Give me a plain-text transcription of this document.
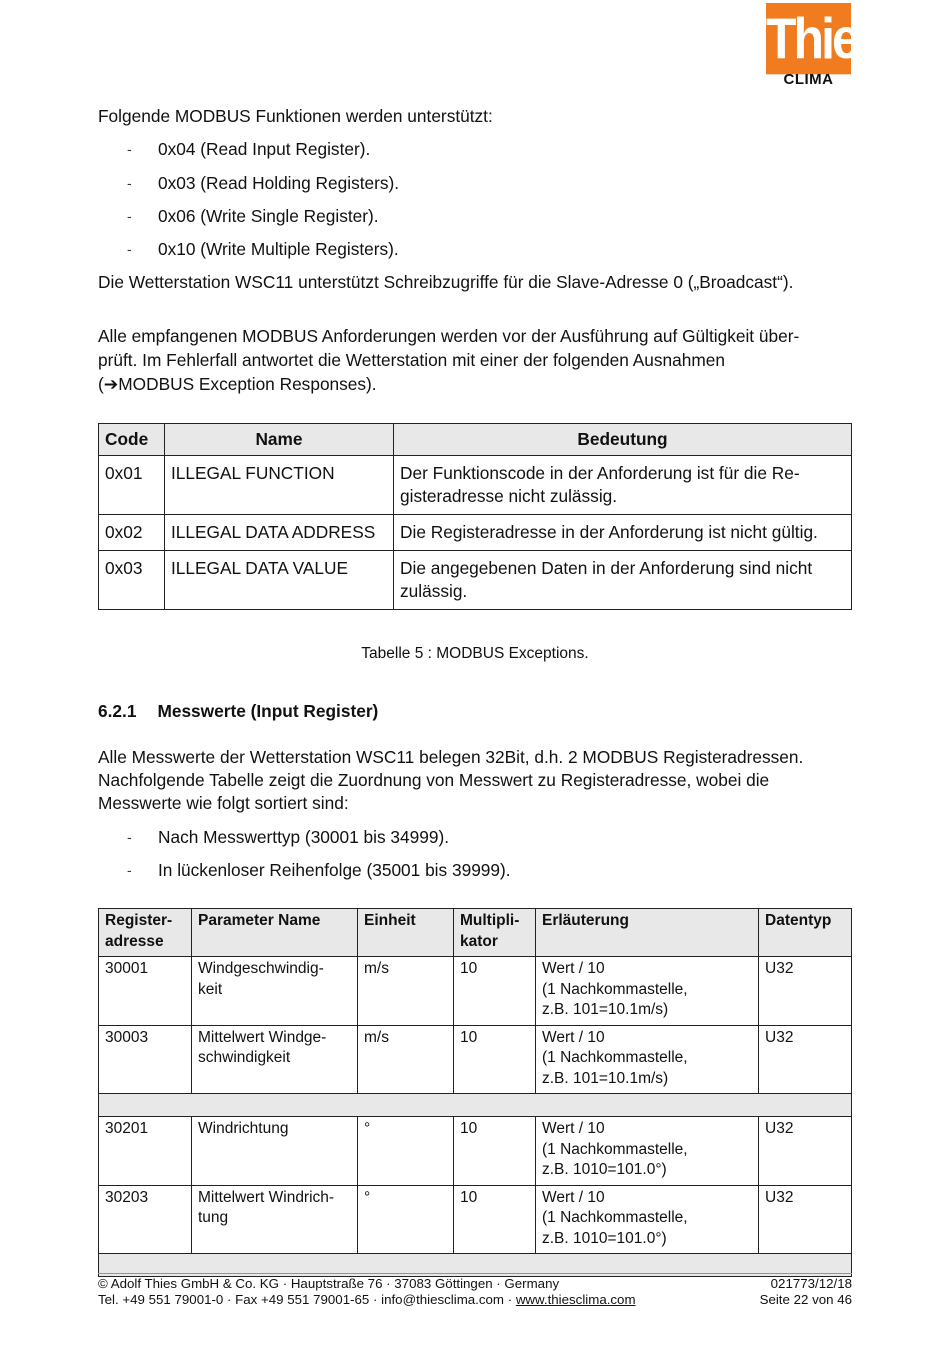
Thies
CLIMA
Folgende MODBUS Funktionen werden unterstützt:
- 0x04 (Read Input Register).
- 0x03 (Read Holding Registers).
- 0x06 (Write Single Register).
- 0x10 (Write Multiple Registers).
Die Wetterstation WSC11 unterstützt Schreibzugriffe für die Slave-Adresse 0 („Broadcast“).
Alle empfangenen MODBUS Anforderungen werden vor der Ausführung auf Gültigkeit über-
prüft. Im Fehlerfall antwortet die Wetterstation mit einer der folgenden Ausnahmen
(➔MODBUS Exception Responses).
Code	Name	Bedeutung
0x01	ILLEGAL FUNCTION	Der Funktionscode in der Anforderung ist für die Re-gisteradresse nicht zulässig.
0x02	ILLEGAL DATA ADDRESS	Die Registeradresse in der Anforderung ist nicht gültig.
0x03	ILLEGAL DATA VALUE	Die angegebenen Daten in der Anforderung sind nicht zulässig.
Tabelle 5 : MODBUS Exceptions.
6.2.1 Messwerte (Input Register)
Alle Messwerte der Wetterstation WSC11 belegen 32Bit, d.h. 2 MODBUS Registeradressen.
Nachfolgende Tabelle zeigt die Zuordnung von Messwert zu Registeradresse, wobei die
Messwerte wie folgt sortiert sind:
- Nach Messwerttyp (30001 bis 34999).
- In lückenloser Reihenfolge (35001 bis 39999).
Register-
adresse	Parameter Name	Einheit	Multipli-
kator	Erläuterung	Datentyp
30001	Windgeschwindig-
keit	m/s	10	Wert / 10
(1 Nachkommastelle,
z.B. 101=10.1m/s)	U32
30003	Mittelwert Windge-
schwindigkeit	m/s	10	Wert / 10
(1 Nachkommastelle,
z.B. 101=10.1m/s)	U32

30201	Windrichtung	°	10	Wert / 10
(1 Nachkommastelle,
z.B. 1010=101.0°)	U32
30203	Mittelwert Windrich-
tung	°	10	Wert / 10
(1 Nachkommastelle,
z.B. 1010=101.0°)	U32

© Adolf Thies GmbH & Co. KG · Hauptstraße 76 · 37083 Göttingen · Germany
Tel. +49 551 79001-0 · Fax +49 551 79001-65 · info@thiesclima.com · www.thiesclima.com
021773/12/18
Seite 22 von 46
